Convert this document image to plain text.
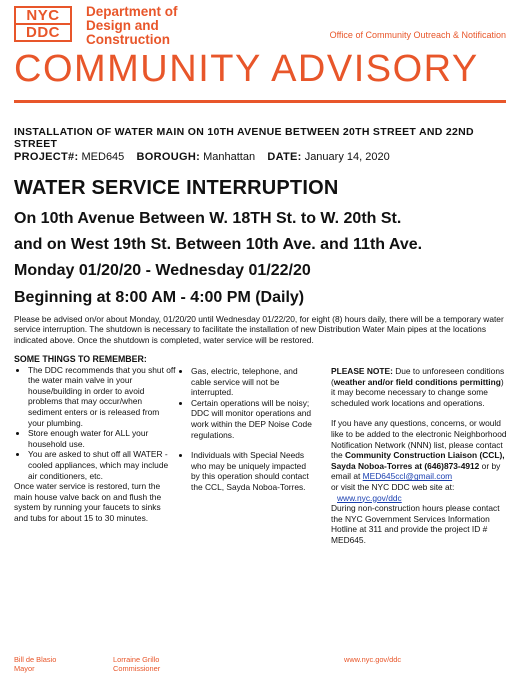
NYC
DDC
Department of
Design and
Construction	Office of Community Outreach & Notification
COMMUNITY ADVISORY
INSTALLATION OF WATER MAIN ON 10TH AVENUE BETWEEN 20TH STREET AND 22ND STREET
PROJECT#: MED645 BOROUGH: Manhattan DATE: January 14, 2020
WATER SERVICE INTERRUPTION
On 10th Avenue Between W. 18TH St. to W. 20th St.
and on West 19th St. Between 10th Ave. and 11th Ave.
Monday 01/20/20 - Wednesday 01/22/20
Beginning at 8:00 AM - 4:00 PM (Daily)
Please be advised on/or about Monday, 01/20/20 until Wednesday 01/22/20, for eight (8) hours daily, there will be a temporary water service interruption. The shutdown is necessary to facilitate the installation of new Distribution Water Main pipes at the locations indicated above. Once the shutdown is completed, water service will be restored.
SOME THINGS TO REMEMBER:
• The DDC recommends that you shut off the water main valve in your house/building in order to avoid problems that may occur/when sediment enters or is released from your plumbing.
• Store enough water for ALL your household use.
• You are asked to shut off all WATER - cooled appliances, which may include air conditioners, etc.
Once water service is restored, turn the main house valve back on and flush the system by running your faucets to sinks and tubs for about 15 to 30 minutes.
• Gas, electric, telephone, and cable service will not be interrupted.
• Certain operations will be noisy; DDC will monitor operations and work within the DEP Noise Code regulations.
• Individuals with Special Needs who may be uniquely impacted by this operation should contact the CCL, Sayda Noboa-Torres.
PLEASE NOTE: Due to unforeseen conditions (weather and/or field conditions permitting) it may become necessary to change some scheduled work locations and operations.
If you have any questions, concerns, or would like to be added to the electronic Neighborhood Notification Network (NNN) list, please contact the Community Construction Liaison (CCL), Sayda Noboa-Torres at (646)873-4912 or by email at MED645ccl@gmail.com
or visit the NYC DDC web site at:
www.nyc.gov/ddc
During non-construction hours please contact the NYC Government Services Information Hotline at 311 and provide the project ID # MED645.
Bill de Blasio
Mayor
Lorraine Grillo
Commissioner
www.nyc.gov/ddc
